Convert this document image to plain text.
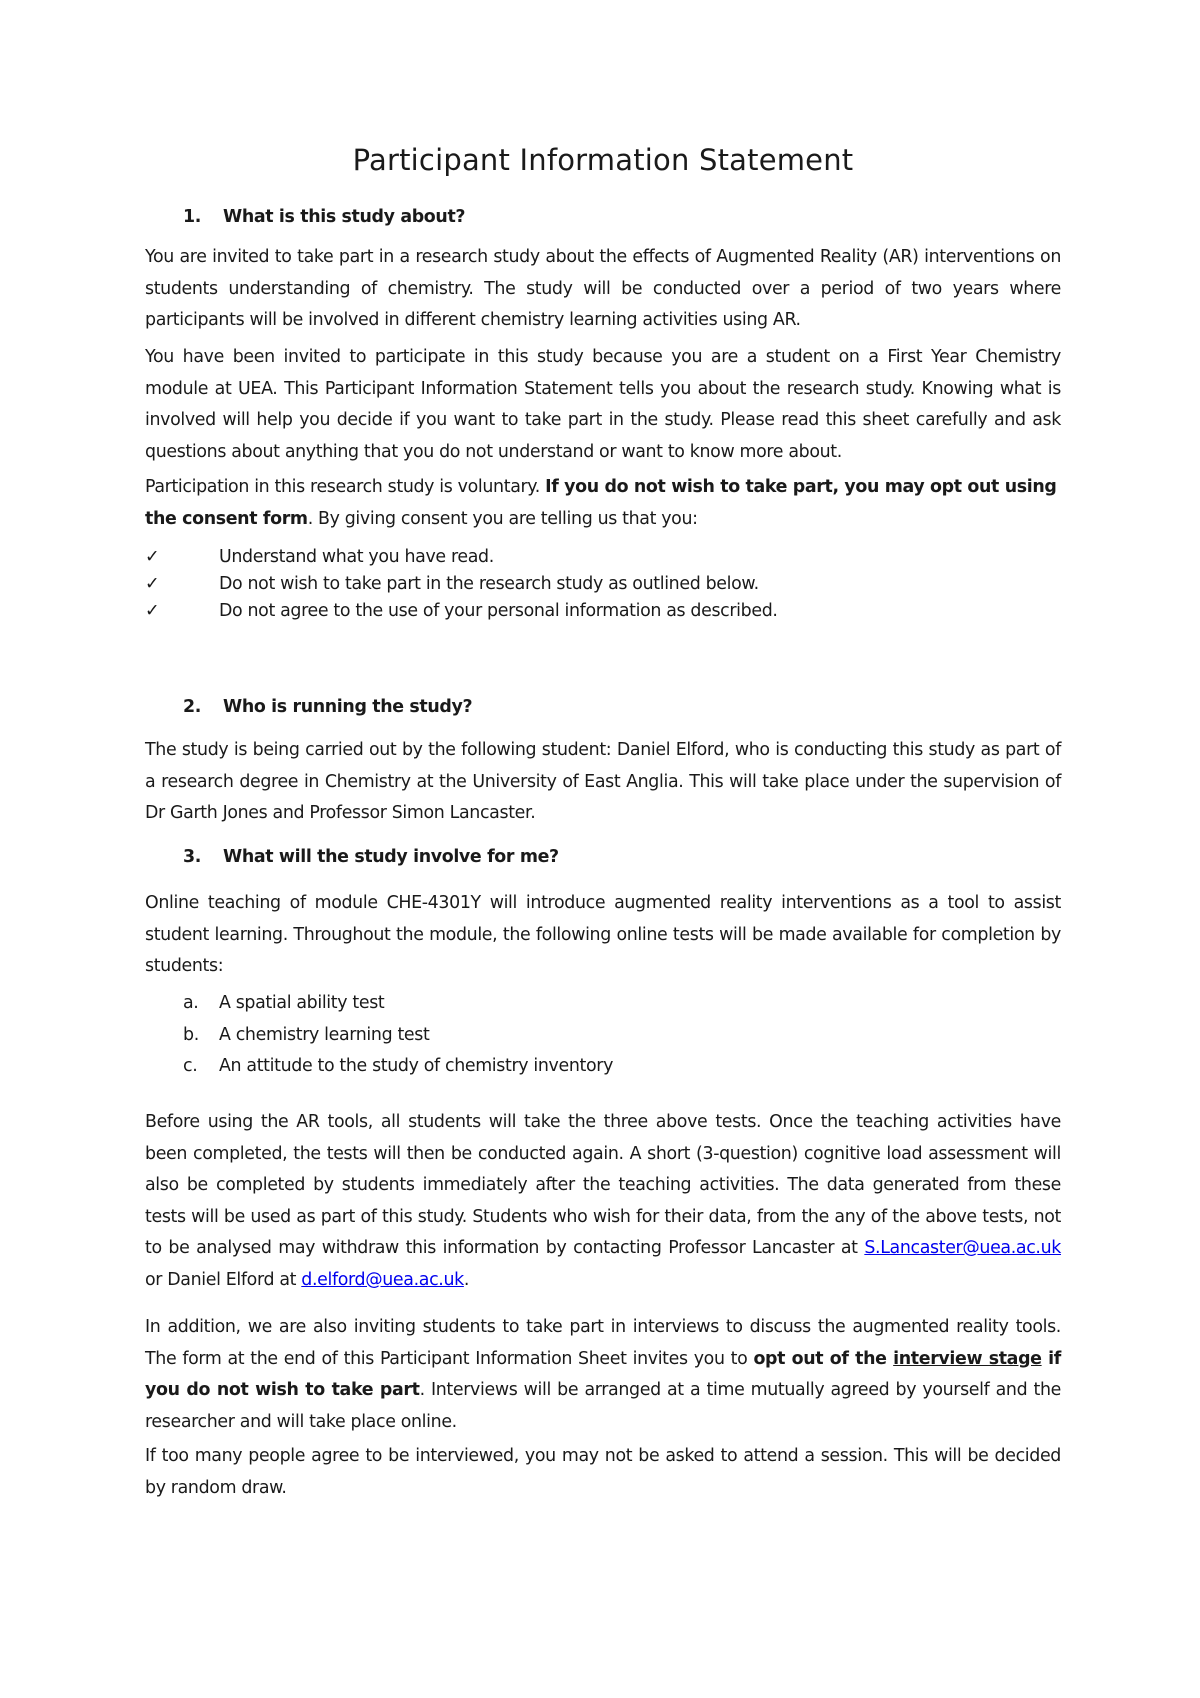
Participant Information Statement
1. What is this study about?

You are invited to take part in a research study about the effects of Augmented Reality (AR) interventions on students understanding of chemistry. The study will be conducted over a period of two years where participants will be involved in different chemistry learning activities using AR.

You have been invited to participate in this study because you are a student on a First Year Chemistry module at UEA. This Participant Information Statement tells you about the research study. Knowing what is involved will help you decide if you want to take part in the study. Please read this sheet carefully and ask questions about anything that you do not understand or want to know more about.

Participation in this research study is voluntary. If you do not wish to take part, you may opt out using the consent form. By giving consent you are telling us that you:

✓	Understand what you have read.
✓	Do not wish to take part in the research study as outlined below.
✓	Do not agree to the use of your personal information as described.
2. Who is running the study?

The study is being carried out by the following student: Daniel Elford, who is conducting this study as part of a research degree in Chemistry at the University of East Anglia. This will take place under the supervision of Dr Garth Jones and Professor Simon Lancaster.

3. What will the study involve for me?

Online teaching of module CHE-4301Y will introduce augmented reality interventions as a tool to assist student learning. Throughout the module, the following online tests will be made available for completion by students:

a.	A spatial ability test
b.	A chemistry learning test
c.	An attitude to the study of chemistry inventory

Before using the AR tools, all students will take the three above tests. Once the teaching activities have been completed, the tests will then be conducted again. A short (3-question) cognitive load assessment will also be completed by students immediately after the teaching activities. The data generated from these tests will be used as part of this study. Students who wish for their data, from the any of the above tests, not to be analysed may withdraw this information by contacting Professor Lancaster at S.Lancaster@uea.ac.uk or Daniel Elford at d.elford@uea.ac.uk.

In addition, we are also inviting students to take part in interviews to discuss the augmented reality tools. The form at the end of this Participant Information Sheet invites you to opt out of the interview stage if you do not wish to take part. Interviews will be arranged at a time mutually agreed by yourself and the researcher and will take place online.

If too many people agree to be interviewed, you may not be asked to attend a session. This will be decided by random draw.
